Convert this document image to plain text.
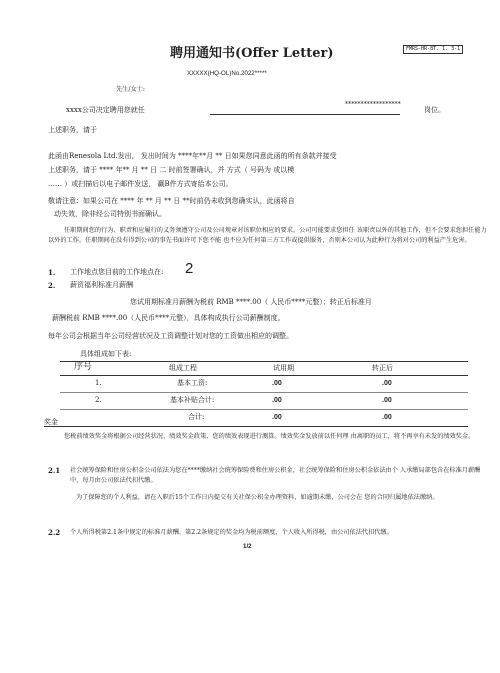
FMRS-HR-8T. 1. 3-1
聘用通知书(Offer Letter)
XXXXX(HQ-OL)No.2022*****
先生/女士:
xxxx公司决定聘用您就任
******************
岗位。
上述职务，请于
此函由Renesola Ltd.发出， 发出时间为 ****年**月 ** 日如果您同意此函的所有条款并接受
上述职务，请于 **** 年** 月 ** 日 二 时前签署确认，并 方式（ 号码为 或以模
…… ）或扫描后以电子邮件发送， 赢B件方式寄给本公司。
敬请注意：如果公司在 **** 年 ** 月 ** 日 **时前仍未收到您确实认，此函将自
动失效，除非经公司特别书面确认。
任职期间您的行为、职责和应履行的义务须遵守公司及公司规章对该职位相应的要求。公司可能要求您担任 该职责以外的其他工作，但不会要求您担任能力以外的工作。任职期间在没有得到公司的事先书面许可下您不能 也不应为任何第三方工作或提供服务，否则本公司认为此种行为将对公司的利益产生危害。
1. 工作地点您目前的工作地点在: 2
2. 薪资福利标准月薪酬
您试用期标准月薪酬为税前 RMB ****.00（ 人民币****元整）；转正后标准月
薪酬税前 RMB ****.00（人民币****元整），具体构成执行公司薪酬制度。
每年公司会根据当年公司经营状况及工资调整计划对您的工资做出相应的调整。
具体组成如下表:
序号	组成工程	试用期	转正后
1.	基本工资:	.00	.00
2.	基本补贴合计:	.00	.00
合计:	.00	.00
奖金
您税前绩效奖金将根据公司经营状况、绩效奖金政策、您的绩效表现进行测算。绩效奖金发放前以任何理 由离职的员工，将不再享有未发的绩效奖金。
2.1 社会统筹保险和住房公积金公司依法为您在****缴纳社会统筹保险费和住房公积金，社会统筹保险和住房公积金依法由个 人承缴局部包含在标准月薪酬中，每月由公司依法代扣代缴。
为了保障您的个人利益，请在入职后15个工作日内提交有关社保公积金办理资料，如逾期未缴，公司会在 您的合同归属地依法缴纳。
2.2 个人所得税第2.1条中规定的标准月薪酬、第2.2条规定的奖金均为税前额度，个人收入所得税，由公司依法代扣代缴。
1/2
